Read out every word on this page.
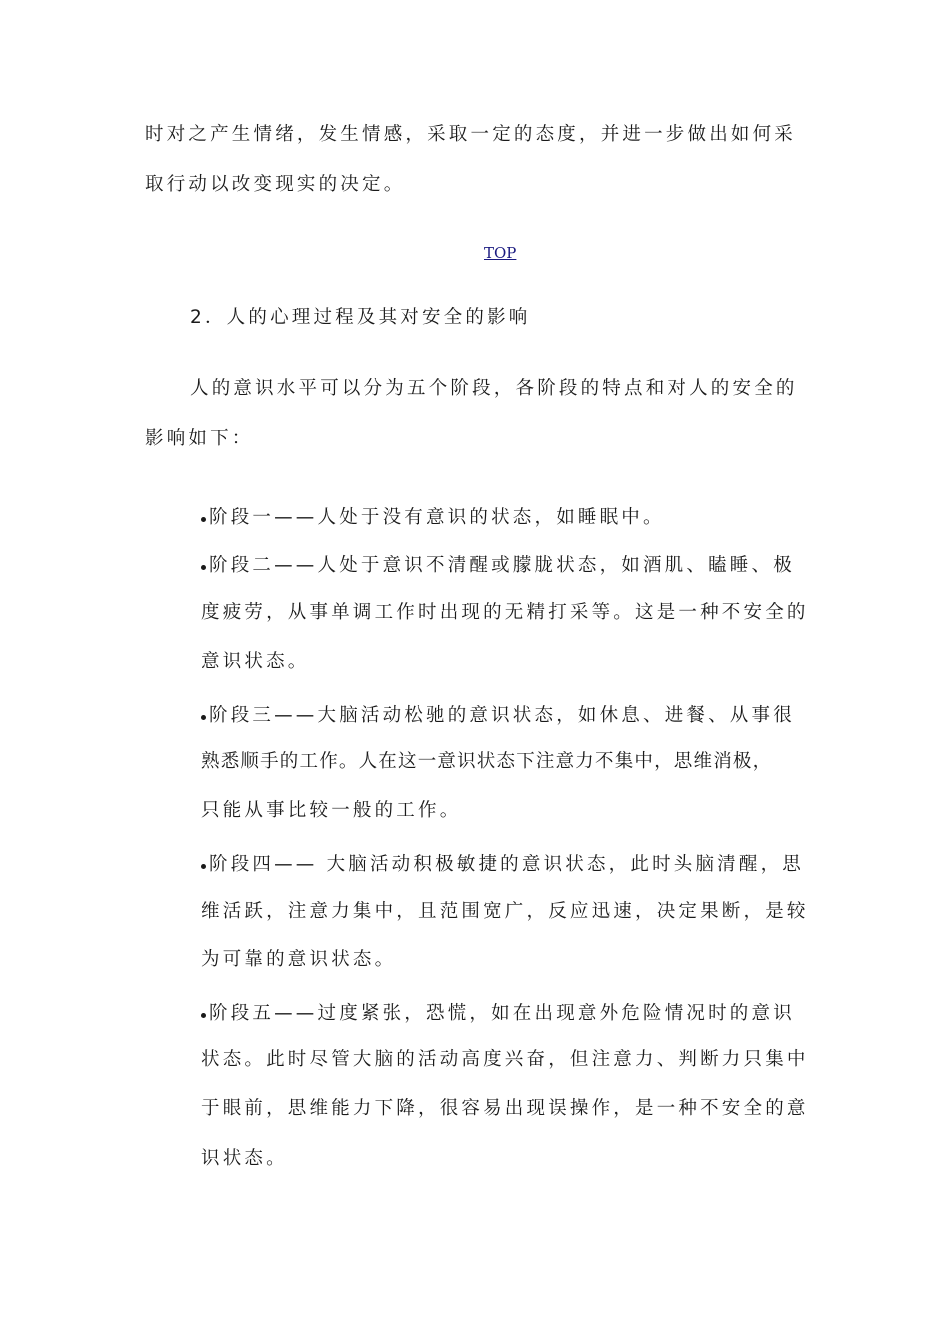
时对之产生情绪，发生情感，采取一定的态度，并进一步做出如何采
取行动以改变现实的决定。
TOP
2．人的心理过程及其对安全的影响
人的意识水平可以分为五个阶段，各阶段的特点和对人的安全的
影响如下：
阶段一——人处于没有意识的状态，如睡眠中。
阶段二——人处于意识不清醒或朦胧状态，如酒肌、瞌睡、极
度疲劳，从事单调工作时出现的无精打采等。这是一种不安全的
意识状态。
阶段三——大脑活动松驰的意识状态，如休息、进餐、从事很
熟悉顺手的工作。人在这一意识状态下注意力不集中，思维消极，
只能从事比较一般的工作。
阶段四—— 大脑活动积极敏捷的意识状态，此时头脑清醒，思
维活跃，注意力集中，且范围宽广，反应迅速，决定果断，是较
为可靠的意识状态。
阶段五——过度紧张，恐慌，如在出现意外危险情况时的意识
状态。此时尽管大脑的活动高度兴奋，但注意力、判断力只集中
于眼前，思维能力下降，很容易出现误操作，是一种不安全的意
识状态。
